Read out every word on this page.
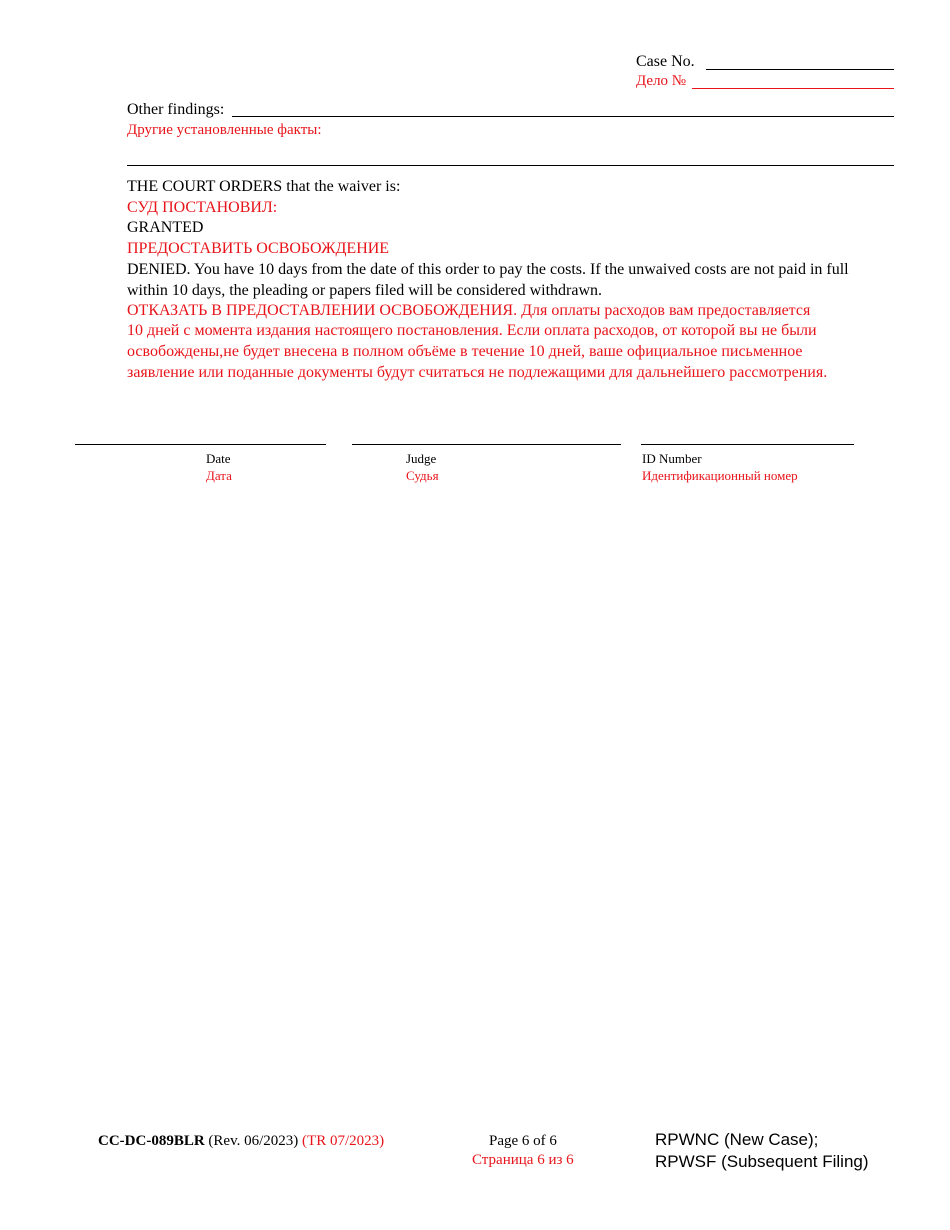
Case No.
Дело №
Other findings:
Другие установленные факты:
THE COURT ORDERS that the waiver is:
СУД ПОСТАНОВИЛ:
GRANTED
ПРЕДОСТАВИТЬ ОСВОБОЖДЕНИЕ
DENIED. You have 10 days from the date of this order to pay the costs. If the unwaived costs are not paid in full
within 10 days, the pleading or papers filed will be considered withdrawn.
ОТКАЗАТЬ В ПРЕДОСТАВЛЕНИИ ОСВОБОЖДЕНИЯ. Для оплаты расходов вам предоставляется
10 дней с момента издания настоящего постановления. Если оплата расходов, от которой вы не были
освобождены,не будет внесена в полном объёме в течение 10 дней, ваше официальное письменное
заявление или поданные документы будут считаться не подлежащими для дальнейшего рассмотрения.
Date
Дата
Judge
Судья
ID Number
Идентификационный номер
CC-DC-089BLR (Rev. 06/2023) (TR 07/2023)	Page 6 of 6
Страница 6 из 6
RPWNC (New Case);
RPWSF (Subsequent Filing)
